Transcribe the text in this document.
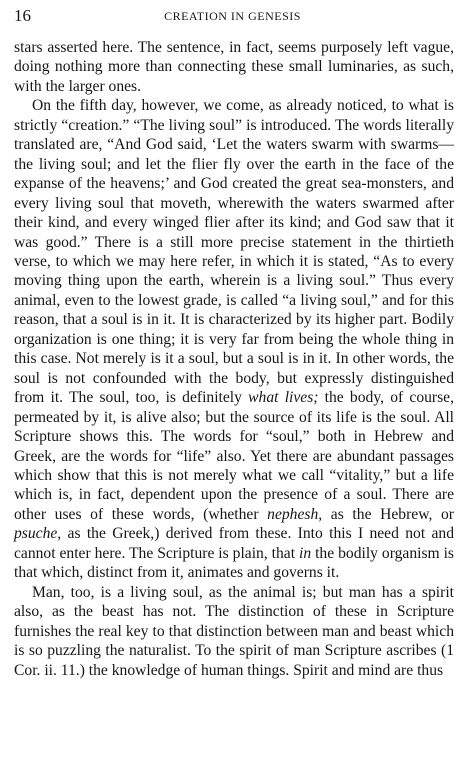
16	CREATION IN GENESIS

stars asserted here. The sentence, in fact, seems purposely left vague, doing nothing more than connecting these small luminaries, as such, with the larger ones.

On the fifth day, however, we come, as already noticed, to what is strictly “creation.” “The living soul” is introduced. The words literally translated are, “And God said, ‘Let the waters swarm with swarms—the living soul; and let the flier fly over the earth in the face of the expanse of the heavens;’ and God created the great sea-monsters, and every living soul that moveth, wherewith the waters swarmed after their kind, and every winged flier after its kind; and God saw that it was good.” There is a still more precise statement in the thirtieth verse, to which we may here refer, in which it is stated, “As to every moving thing upon the earth, wherein is a living soul.” Thus every animal, even to the lowest grade, is called “a living soul,” and for this reason, that a soul is in it. It is characterized by its higher part. Bodily organization is one thing; it is very far from being the whole thing in this case. Not merely is it a soul, but a soul is in it. In other words, the soul is not confounded with the body, but expressly distinguished from it. The soul, too, is definitely what lives; the body, of course, permeated by it, is alive also; but the source of its life is the soul. All Scripture shows this. The words for “soul,” both in Hebrew and Greek, are the words for “life” also. Yet there are abundant passages which show that this is not merely what we call “vitality,” but a life which is, in fact, dependent upon the presence of a soul. There are other uses of these words, (whether nephesh, as the Hebrew, or psuche, as the Greek,) derived from these. Into this I need not and cannot enter here. The Scripture is plain, that in the bodily organism is that which, distinct from it, animates and governs it.

Man, too, is a living soul, as the animal is; but man has a spirit also, as the beast has not. The distinction of these in Scripture furnishes the real key to that distinction between man and beast which is so puzzling the naturalist. To the spirit of man Scripture ascribes (1 Cor. ii. 11.) the knowledge of human things. Spirit and mind are thus
